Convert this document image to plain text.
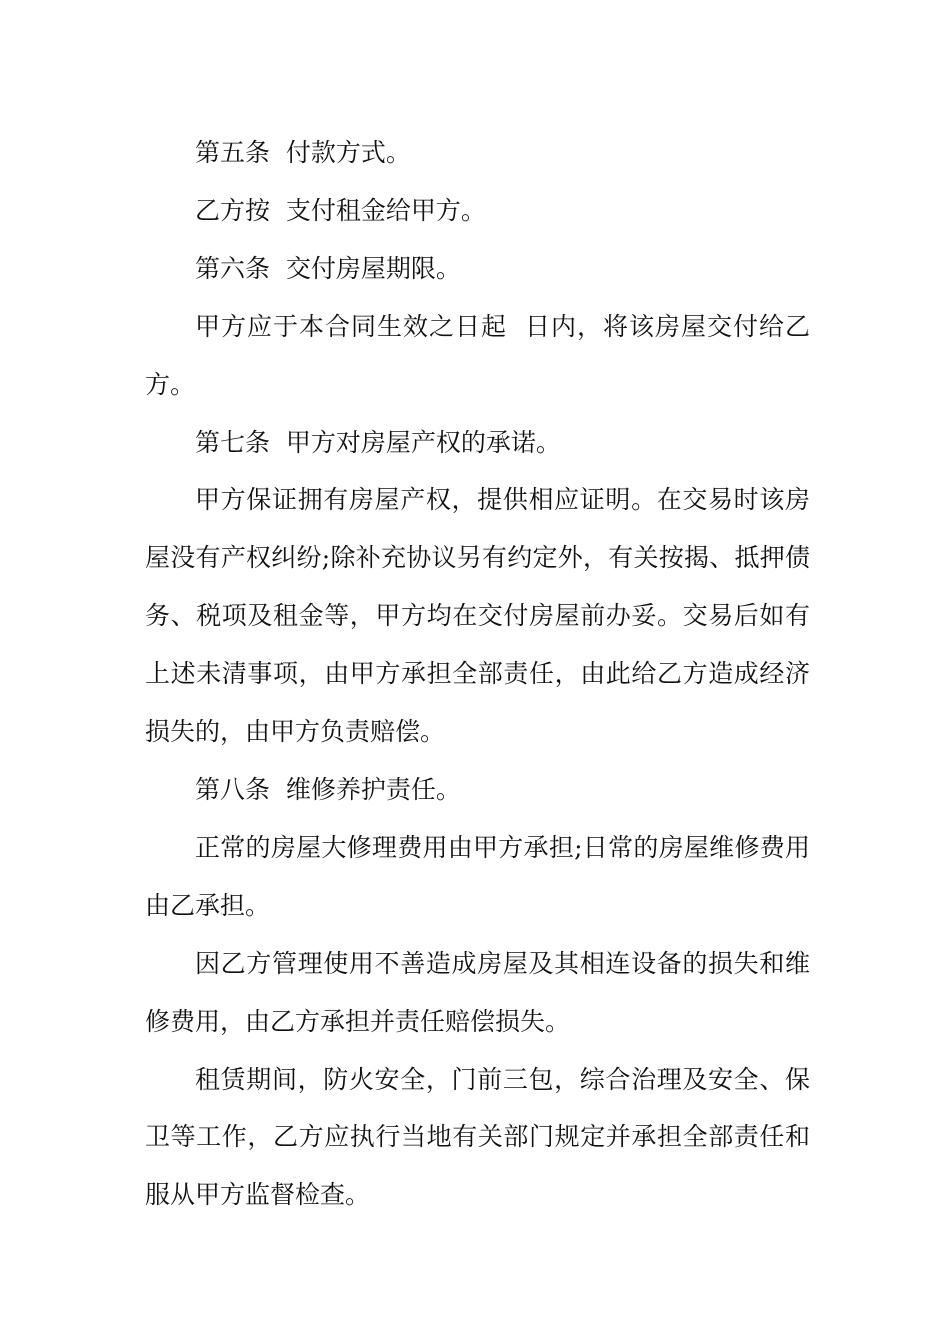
第五条  付款方式。

乙方按  支付租金给甲方。

第六条  交付房屋期限。

甲方应于本合同生效之日起  日内，将该房屋交付给乙方。

第七条  甲方对房屋产权的承诺。

甲方保证拥有房屋产权，提供相应证明。在交易时该房屋没有产权纠纷;除补充协议另有约定外，有关按揭、抵押债务、税项及租金等，甲方均在交付房屋前办妥。交易后如有上述未清事项，由甲方承担全部责任，由此给乙方造成经济损失的，由甲方负责赔偿。

第八条  维修养护责任。

正常的房屋大修理费用由甲方承担;日常的房屋维修费用由乙承担。

因乙方管理使用不善造成房屋及其相连设备的损失和维修费用，由乙方承担并责任赔偿损失。

租赁期间，防火安全，门前三包，综合治理及安全、保卫等工作，乙方应执行当地有关部门规定并承担全部责任和服从甲方监督检查。
